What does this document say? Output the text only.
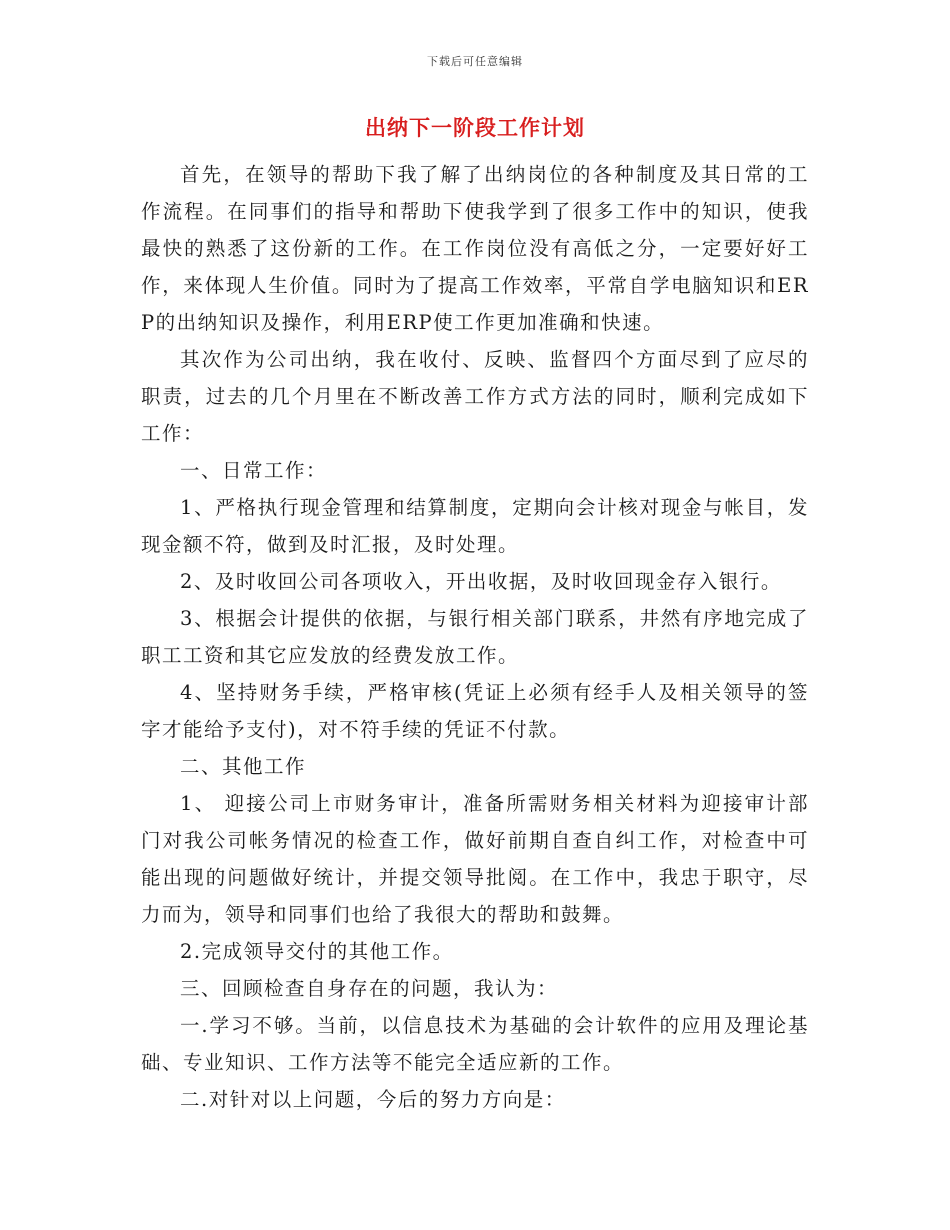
下载后可任意编辑
出纳下一阶段工作计划

首先，在领导的帮助下我了解了出纳岗位的各种制度及其日常的工作流程。在同事们的指导和帮助下使我学到了很多工作中的知识，使我最快的熟悉了这份新的工作。在工作岗位没有高低之分，一定要好好工作，来体现人生价值。同时为了提高工作效率，平常自学电脑知识和ERP的出纳知识及操作，利用ERP使工作更加准确和快速。

其次作为公司出纳，我在收付、反映、监督四个方面尽到了应尽的职责，过去的几个月里在不断改善工作方式方法的同时，顺利完成如下工作：

一、日常工作：

1、严格执行现金管理和结算制度，定期向会计核对现金与帐目，发现金额不符，做到及时汇报，及时处理。

2、及时收回公司各项收入，开出收据，及时收回现金存入银行。

3、根据会计提供的依据，与银行相关部门联系，井然有序地完成了职工工资和其它应发放的经费发放工作。

4、坚持财务手续，严格审核(凭证上必须有经手人及相关领导的签字才能给予支付)，对不符手续的凭证不付款。

二、其他工作

1、 迎接公司上市财务审计，准备所需财务相关材料为迎接审计部门对我公司帐务情况的检查工作，做好前期自查自纠工作，对检查中可能出现的问题做好统计，并提交领导批阅。在工作中，我忠于职守，尽力而为，领导和同事们也给了我很大的帮助和鼓舞。

2.完成领导交付的其他工作。

三、回顾检查自身存在的问题，我认为：

一.学习不够。当前，以信息技术为基础的会计软件的应用及理论基础、专业知识、工作方法等不能完全适应新的工作。

二.对针对以上问题，今后的努力方向是：
